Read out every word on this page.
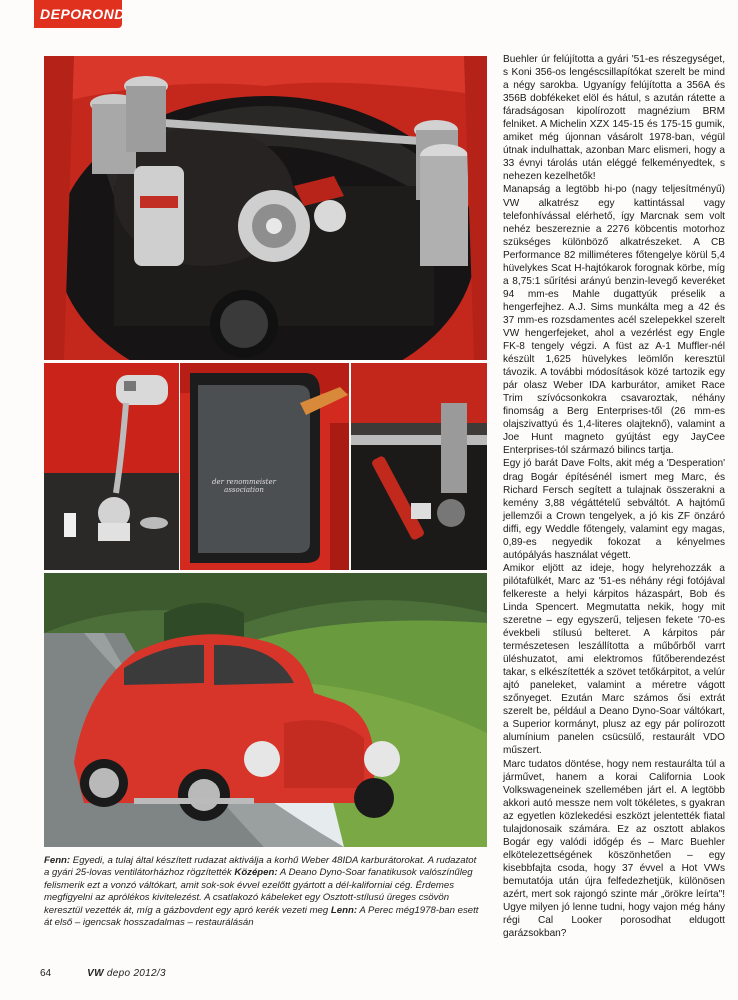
DEPOROND
der renommeister association

Buehler úr felújította a gyári '51-es részegységet, s Koni 356-os lengéscsillapítókat szerelt be mind a négy sarokba. Ugyanígy felújította a 356A és 356B dobfékeket elöl és hátul, s azután rátette a fáradságosan kipolírozott magnézium BRM felniket. A Michelin XZX 145-15 és 175-15 gumik, amiket még újonnan vásárolt 1978-ban, végül útnak indulhattak, azonban Marc elismeri, hogy a 33 évnyi tárolás után eléggé felkeményedtek, s nehezen kezelhetők!

Manapság a legtöbb hi-po (nagy teljesítményű) VW alkatrész egy kattintással vagy telefonhívással elérhető, így Marcnak sem volt nehéz beszereznie a 2276 köbcentis motorhoz szükséges különböző alkatrészeket. A CB Performance 82 milliméteres főtengelye körül 5,4 hüvelykes Scat H-hajtókarok forognak körbe, míg a 8,75:1 sűrítési arányú benzin-levegő keveréket 94 mm-es Mahle dugattyúk préselik a hengerfejhez. A.J. Sims munkálta meg a 42 és 37 mm-es rozsdamentes acél szelepekkel szerelt VW hengerfejeket, ahol a vezérlést egy Engle FK-8 tengely végzi. A füst az A-1 Muffler-nél készült 1,625 hüvelykes leömlőn keresztül távozik. A további módosítások közé tartozik egy pár olasz Weber IDA karburátor, amiket Race Trim szívócsonkokra csavaroztak, néhány finomság a Berg Enterprises-től (26 mm-es olajszivattyú és 1,4-literes olajteknő), valamint a Joe Hunt magneto gyújtást egy JayCee Enterprises-tól származó bilincs tartja.

Egy jó barát Dave Folts, akit még a 'Desperation' drag Bogár építésénél ismert meg Marc, és Richard Fersch segített a tulajnak összerakni a kemény 3,88 végáttételű sebváltót. A hajtómű jellemzői a Crown tengelyek, a jó kis ZF önzáró diffi, egy Weddle főtengely, valamint egy magas, 0,89-es negyedik fokozat a kényelmes autópályás használat végett.

Amikor eljött az ideje, hogy helyrehozzák a pilótafülkét, Marc az '51-es néhány régi fotójával felkereste a helyi kárpitos házaspárt, Bob és Linda Spencert. Megmutatta nekik, hogy mit szeretne – egy egyszerű, teljesen fekete '70-es évekbeli stílusú belteret. A kárpitos pár természetesen leszállította a műbőrből varrt üléshuzatot, ami elektromos fűtőberendezést takar, s elkészítették a szövet tetőkárpitot, a velúr ajtó paneleket, valamint a méretre vágott szőnyeget. Ezután Marc számos ősi extrát szerelt be, például a Deano Dyno-Soar váltókart, a Superior kormányt, plusz az egy pár polírozott alumínium panelen csücsülő, restaurált VDO műszert.

Marc tudatos döntése, hogy nem restaurálta túl a járművet, hanem a korai California Look Volkswageneinek szellemében járt el. A legtöbb akkori autó messze nem volt tökéletes, s gyakran az egyetlen közlekedési eszközt jelentették fiatal tulajdonosaik számára. Ez az osztott ablakos Bogár egy valódi időgép és – Marc Buehler elkötelezettségének köszönhetően – egy kisebbfajta csoda, hogy 37 évvel a Hot VWs bemutatója után újra felfedezhetjük, különösen azért, mert sok rajongó szinte már „örökre leírta"! Ugye milyen jó lenne tudni, hogy vajon még hány régi Cal Looker porosodhat eldugott garázsokban?

Fenn: Egyedi, a tulaj által készített rudazat aktiválja a korhű Weber 48IDA karburátorokat. A rudazatot a gyári 25-lovas ventilátorházhoz rögzítették Középen: A Deano Dyno-Soar fanatikusok valószínűleg felismerik ezt a vonzó váltókart, amit sok-sok évvel ezelőtt gyártott a dél-kaliforniai cég. Érdemes megfigyelni az aprólékos kivitelezést. A csatlakozó kábeleket egy Osztott-stílusú üreges csövön keresztül vezették át, míg a gázbovdent egy apró kerék vezeti meg Lenn: A Perec még1978-ban esett át első – igencsak hosszadalmas – restaurálásán
64	VW depo 2012/3
